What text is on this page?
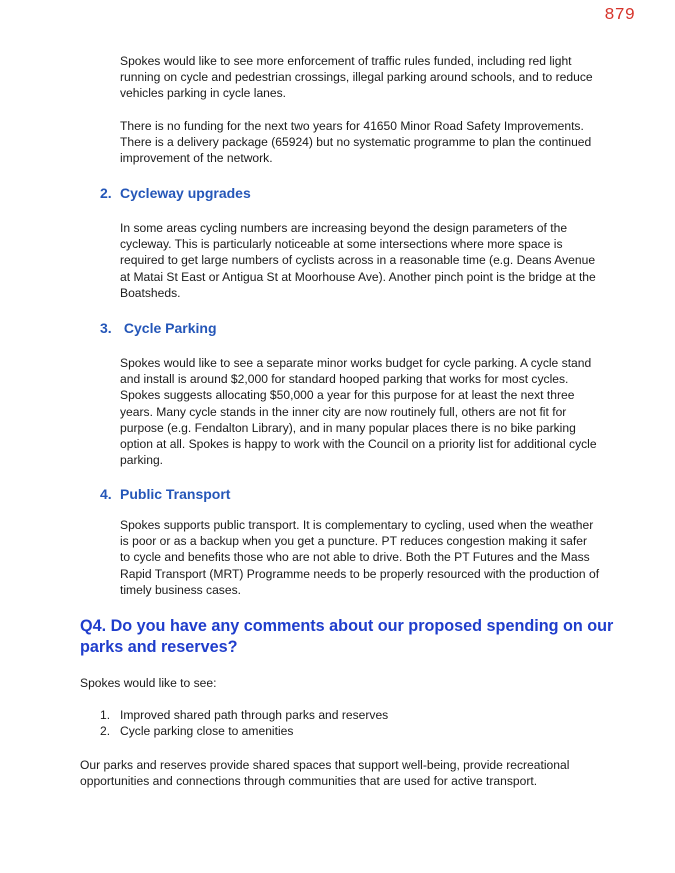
879

Spokes would like to see more enforcement of traffic rules funded, including red light running on cycle and pedestrian crossings, illegal parking around schools, and to reduce vehicles parking in cycle lanes.

There is no funding for the next two years for 41650 Minor Road Safety Improvements. There is a delivery package (65924) but no systematic programme to plan the continued improvement of the network.

2. Cycleway upgrades

In some areas cycling numbers are increasing beyond the design parameters of the cycleway. This is particularly noticeable at some intersections where more space is required to get large numbers of cyclists across in a reasonable time (e.g. Deans Avenue at Matai St East or Antigua St at Moorhouse Ave). Another pinch point is the bridge at the Boatsheds.

3. Cycle Parking

Spokes would like to see a separate minor works budget for cycle parking. A cycle stand and install is around $2,000 for standard hooped parking that works for most cycles. Spokes suggests allocating $50,000 a year for this purpose for at least the next three years. Many cycle stands in the inner city are now routinely full, others are not fit for purpose (e.g. Fendalton Library), and in many popular places there is no bike parking option at all. Spokes is happy to work with the Council on a priority list for additional cycle parking.

4. Public Transport

Spokes supports public transport. It is complementary to cycling, used when the weather is poor or as a backup when you get a puncture. PT reduces congestion making it safer to cycle and benefits those who are not able to drive. Both the PT Futures and the Mass Rapid Transport (MRT) Programme needs to be properly resourced with the production of timely business cases.

Q4. Do you have any comments about our proposed spending on our parks and reserves?

Spokes would like to see:

1. Improved shared path through parks and reserves
2. Cycle parking close to amenities

Our parks and reserves provide shared spaces that support well-being, provide recreational opportunities and connections through communities that are used for active transport.
